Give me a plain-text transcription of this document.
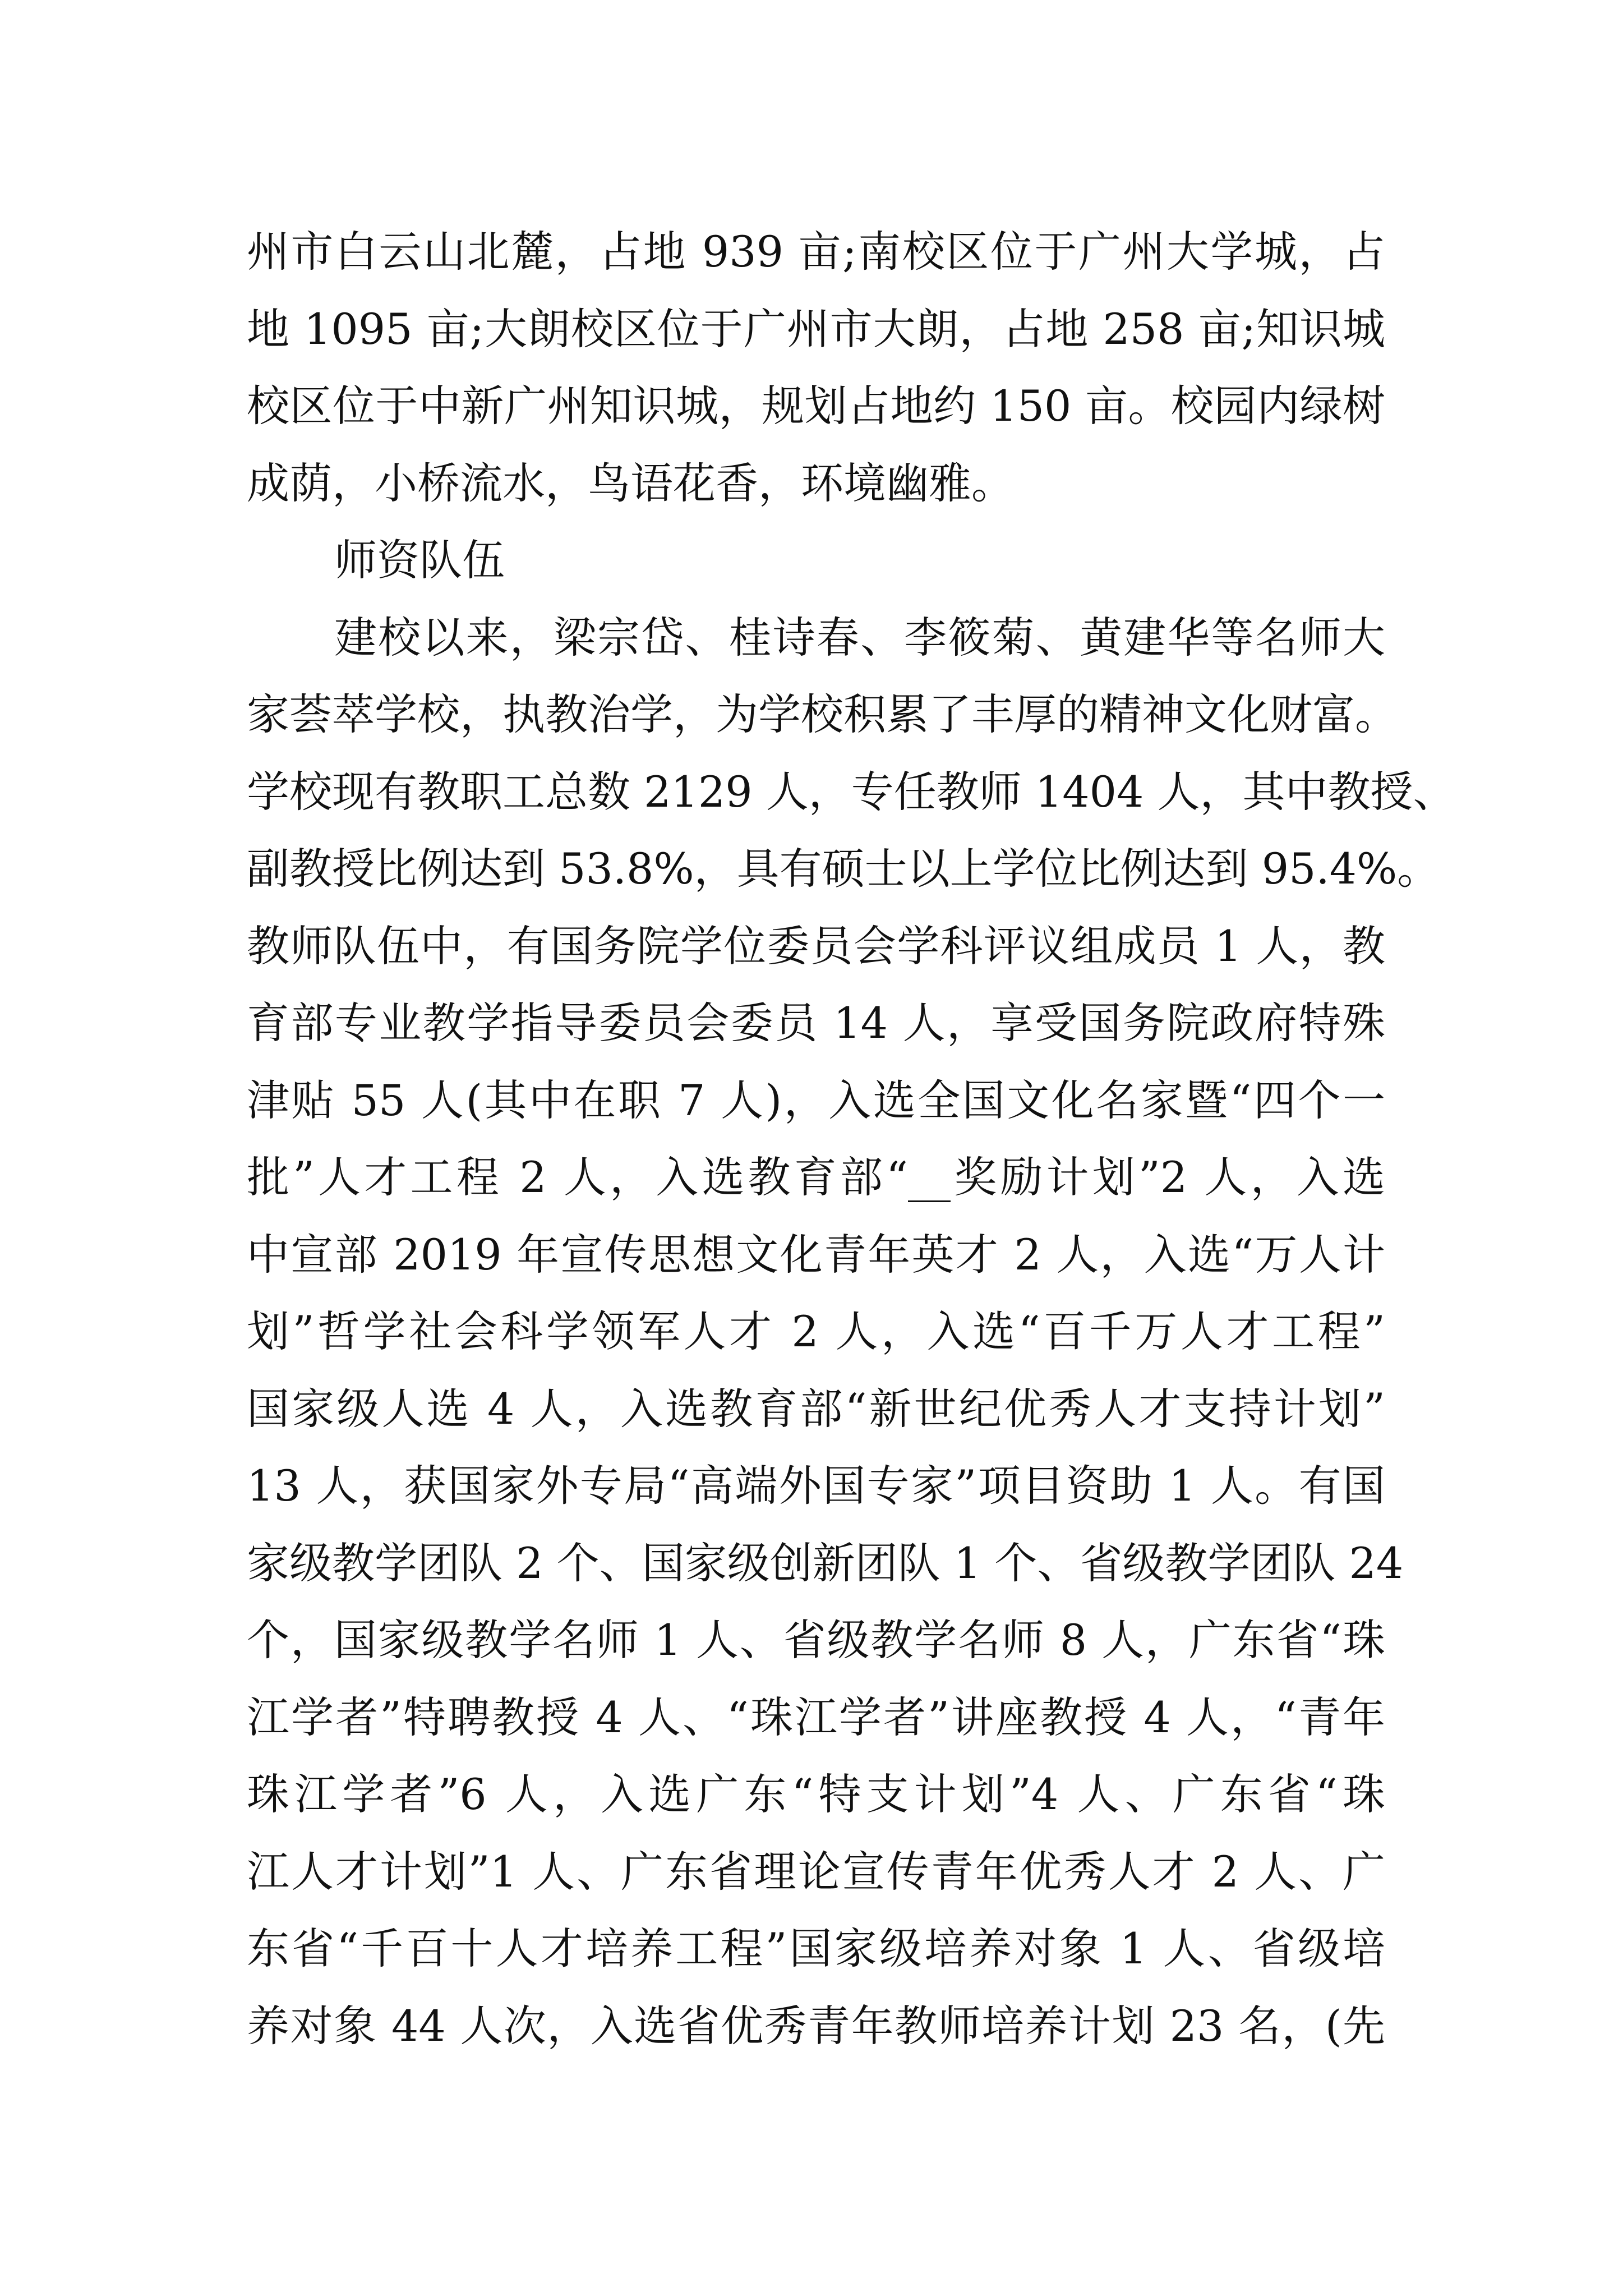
州市白云山北麓，占地 939 亩;南校区位于广州大学城，占
地 1095 亩;大朗校区位于广州市大朗，占地 258 亩;知识城
校区位于中新广州知识城，规划占地约 150 亩。校园内绿树
成荫，小桥流水，鸟语花香，环境幽雅。
师资队伍
建校以来，梁宗岱、桂诗春、李筱菊、黄建华等名师大
家荟萃学校，执教治学，为学校积累了丰厚的精神文化财富。
学校现有教职工总数 2129 人，专任教师 1404 人，其中教授、
副教授比例达到 53.8%，具有硕士以上学位比例达到 95.4%。
教师队伍中，有国务院学位委员会学科评议组成员 1 人，教
育部专业教学指导委员会委员 14 人，享受国务院政府特殊
津贴 55 人(其中在职 7 人)，入选全国文化名家暨“四个一
批”人才工程 2 人，入选教育部“__奖励计划”2 人，入选
中宣部 2019 年宣传思想文化青年英才 2 人，入选“万人计
划”哲学社会科学领军人才 2 人，入选“百千万人才工程”
国家级人选 4 人，入选教育部“新世纪优秀人才支持计划”
13 人，获国家外专局“高端外国专家”项目资助 1 人。有国
家级教学团队 2 个、国家级创新团队 1 个、省级教学团队 24
个，国家级教学名师 1 人、省级教学名师 8 人，广东省“珠
江学者”特聘教授 4 人、“珠江学者”讲座教授 4 人，“青年
珠江学者”6 人，入选广东“特支计划”4 人、广东省“珠
江人才计划”1 人、广东省理论宣传青年优秀人才 2 人、广
东省“千百十人才培养工程”国家级培养对象 1 人、省级培
养对象 44 人次，入选省优秀青年教师培养计划 23 名，(先
